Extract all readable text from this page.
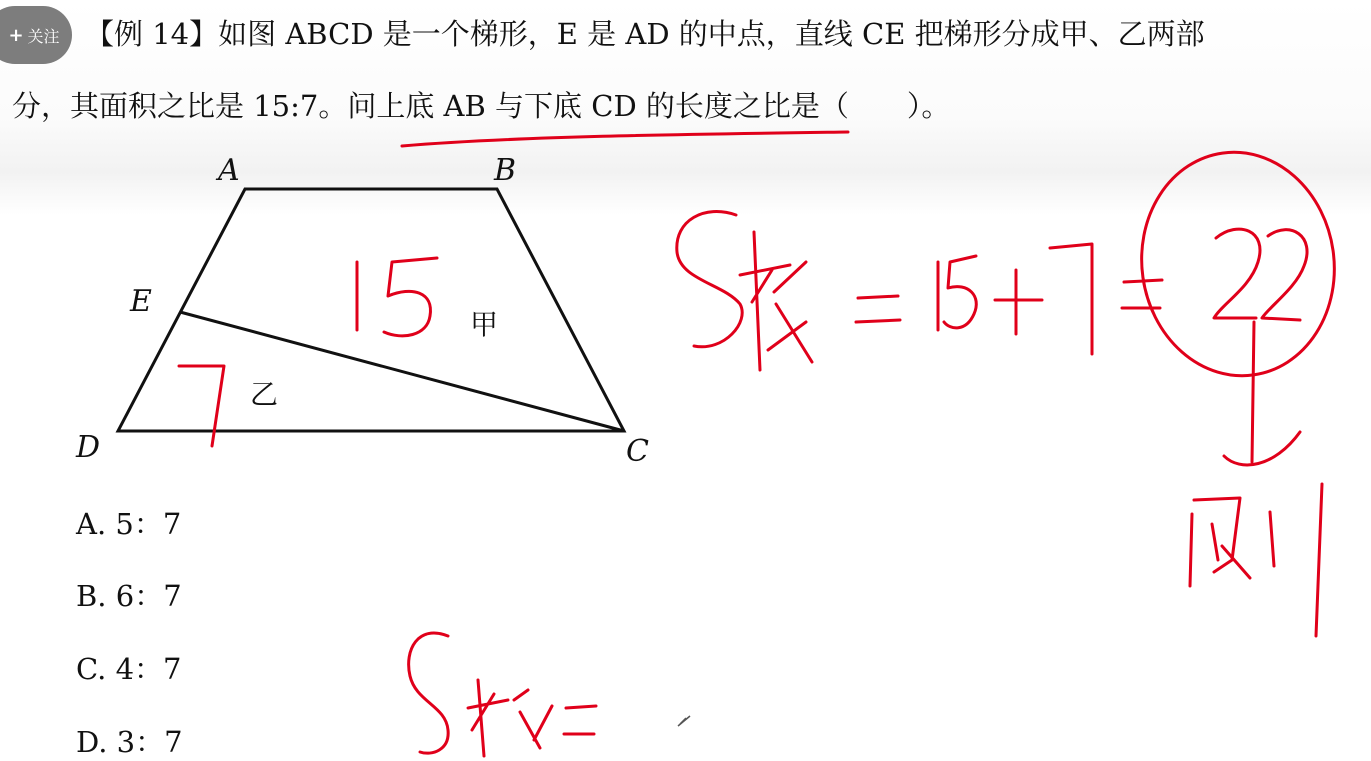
+ 关注 【例 14】如图 ABCD 是一个梯形，E 是 AD 的中点，直线 CE 把梯形分成甲、乙两部
分，其面积之比是 15:7。问上底 AB 与下底 CD 的长度之比是（　　）。
A	B
C
D
E
甲
乙
A. 5：7
B. 6：7
C. 4：7
D. 3：7
